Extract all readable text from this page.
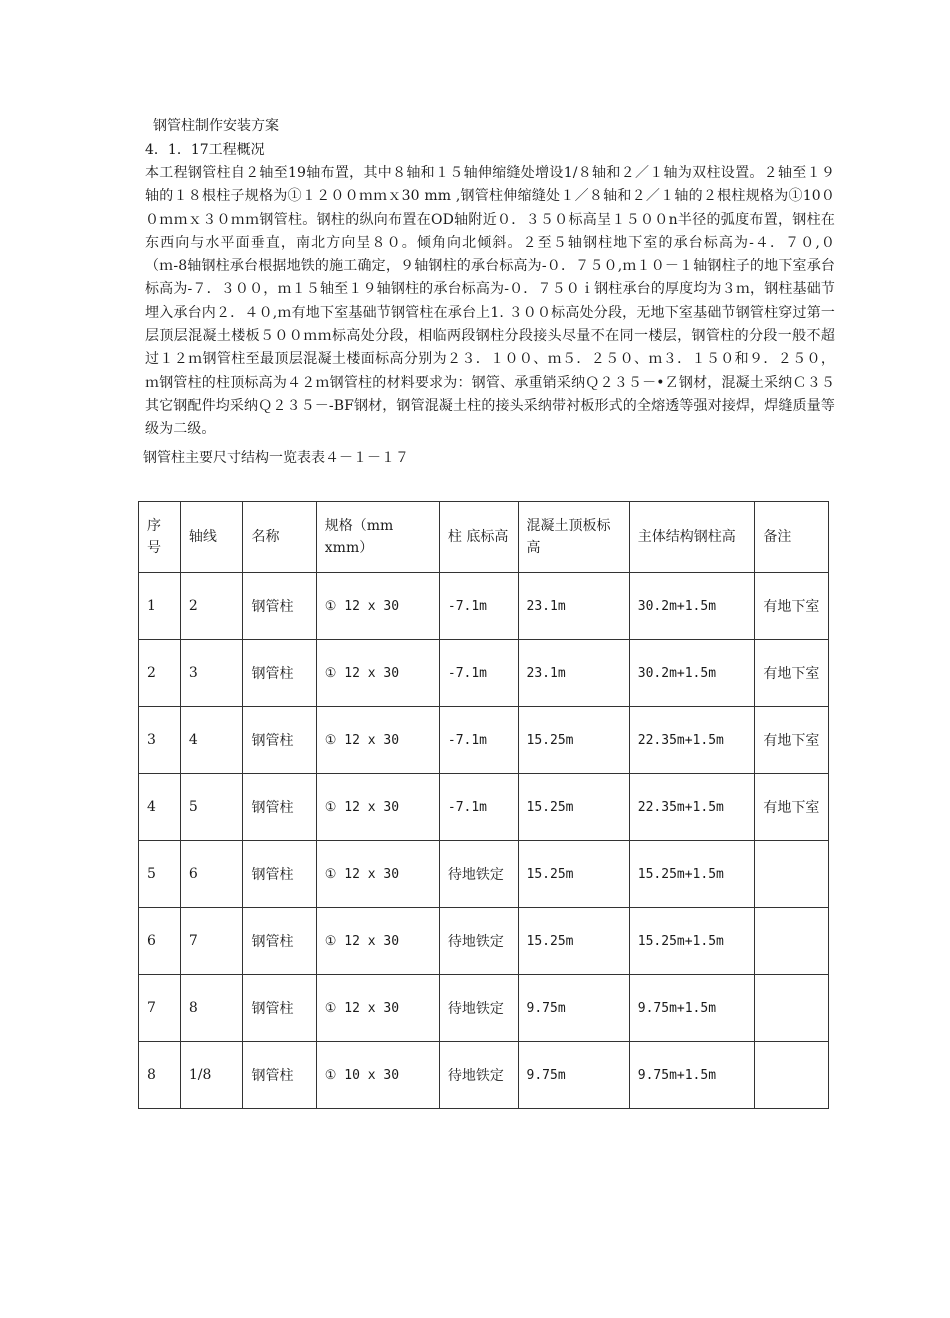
钢管柱制作安装方案
4．1．17工程概况
本工程钢管柱自２轴至19轴布置，其中８轴和１５轴伸缩缝处增设1/８轴和２／１轴为双柱设置。２轴至１９轴的１８根柱子规格为①１２００ｍｍｘ30 mm ,钢管柱伸缩缝处１／８轴和２／１轴的２根柱规格为①10００ｍｍｘ３０ｍｍ钢管柱。钢柱的纵向布置在OD轴附近０．３５０标高呈１５００n半径的弧度布置，钢柱在东西向与水平面垂直，南北方向呈８０。倾角向北倾斜。２至５轴钢柱地下室的承台标高为-４．７０,０ （ｍ-8轴钢柱承台根据地铁的施工确定，９轴钢柱的承台标高为-０．７５０,ｍ１０－１轴钢柱子的地下室承台标高为-７．３００，ｍ１５轴至１９轴钢柱的承台标高为-０．７５０ｉ钢柱承台的厚度均为３ｍ，钢柱基础节埋入承台内２．４０,ｍ有地下室基础节钢管柱在承台上1. ３００标高处分段，无地下室基础节钢管柱穿过第一层顶层混凝土楼板５００ｍｍ标高处分段，相临两段钢柱分段接头尽量不在同一楼层，钢管柱的分段一般不超过１２ｍ钢管柱至最顶层混凝土楼面标高分别为２３．１００、ｍ５．２５０、ｍ３．１５０和９．２５０，ｍ钢管柱的柱顶标高为４２ｍ钢管柱的材料要求为：钢管、承重销采纳Ｑ２３５－•Ｚ钢材，混凝土采纳Ｃ３５其它钢配件均采纳Ｑ２３５－-BF钢材，钢管混凝土柱的接头采纳带衬板形式的全熔透等强对接焊，焊缝质量等级为二级。
钢管柱主要尺寸结构一览表表４－１－１７
序号	轴线	名称	规格（mm xmm）	柱 底标高	混凝土顶板标高	主体结构钢柱高	备注
1	2	钢管柱	① 12 x 30	-7.1m	23.1m	30.2m+1.5m	有地下室
2	3	钢管柱	① 12 x 30	-7.1m	23.1m	30.2m+1.5m	有地下室
3	4	钢管柱	① 12 x 30	-7.1m	15.25m	22.35m+1.5m	有地下室
4	5	钢管柱	① 12 x 30	-7.1m	15.25m	22.35m+1.5m	有地下室
5	6	钢管柱	① 12 x 30	待地铁定	15.25m	15.25m+1.5m	
6	7	钢管柱	① 12 x 30	待地铁定	15.25m	15.25m+1.5m	
7	8	钢管柱	① 12 x 30	待地铁定	9.75m	9.75m+1.5m	
8	1/8	钢管柱	① 10 x 30	待地铁定	9.75m	9.75m+1.5m	
